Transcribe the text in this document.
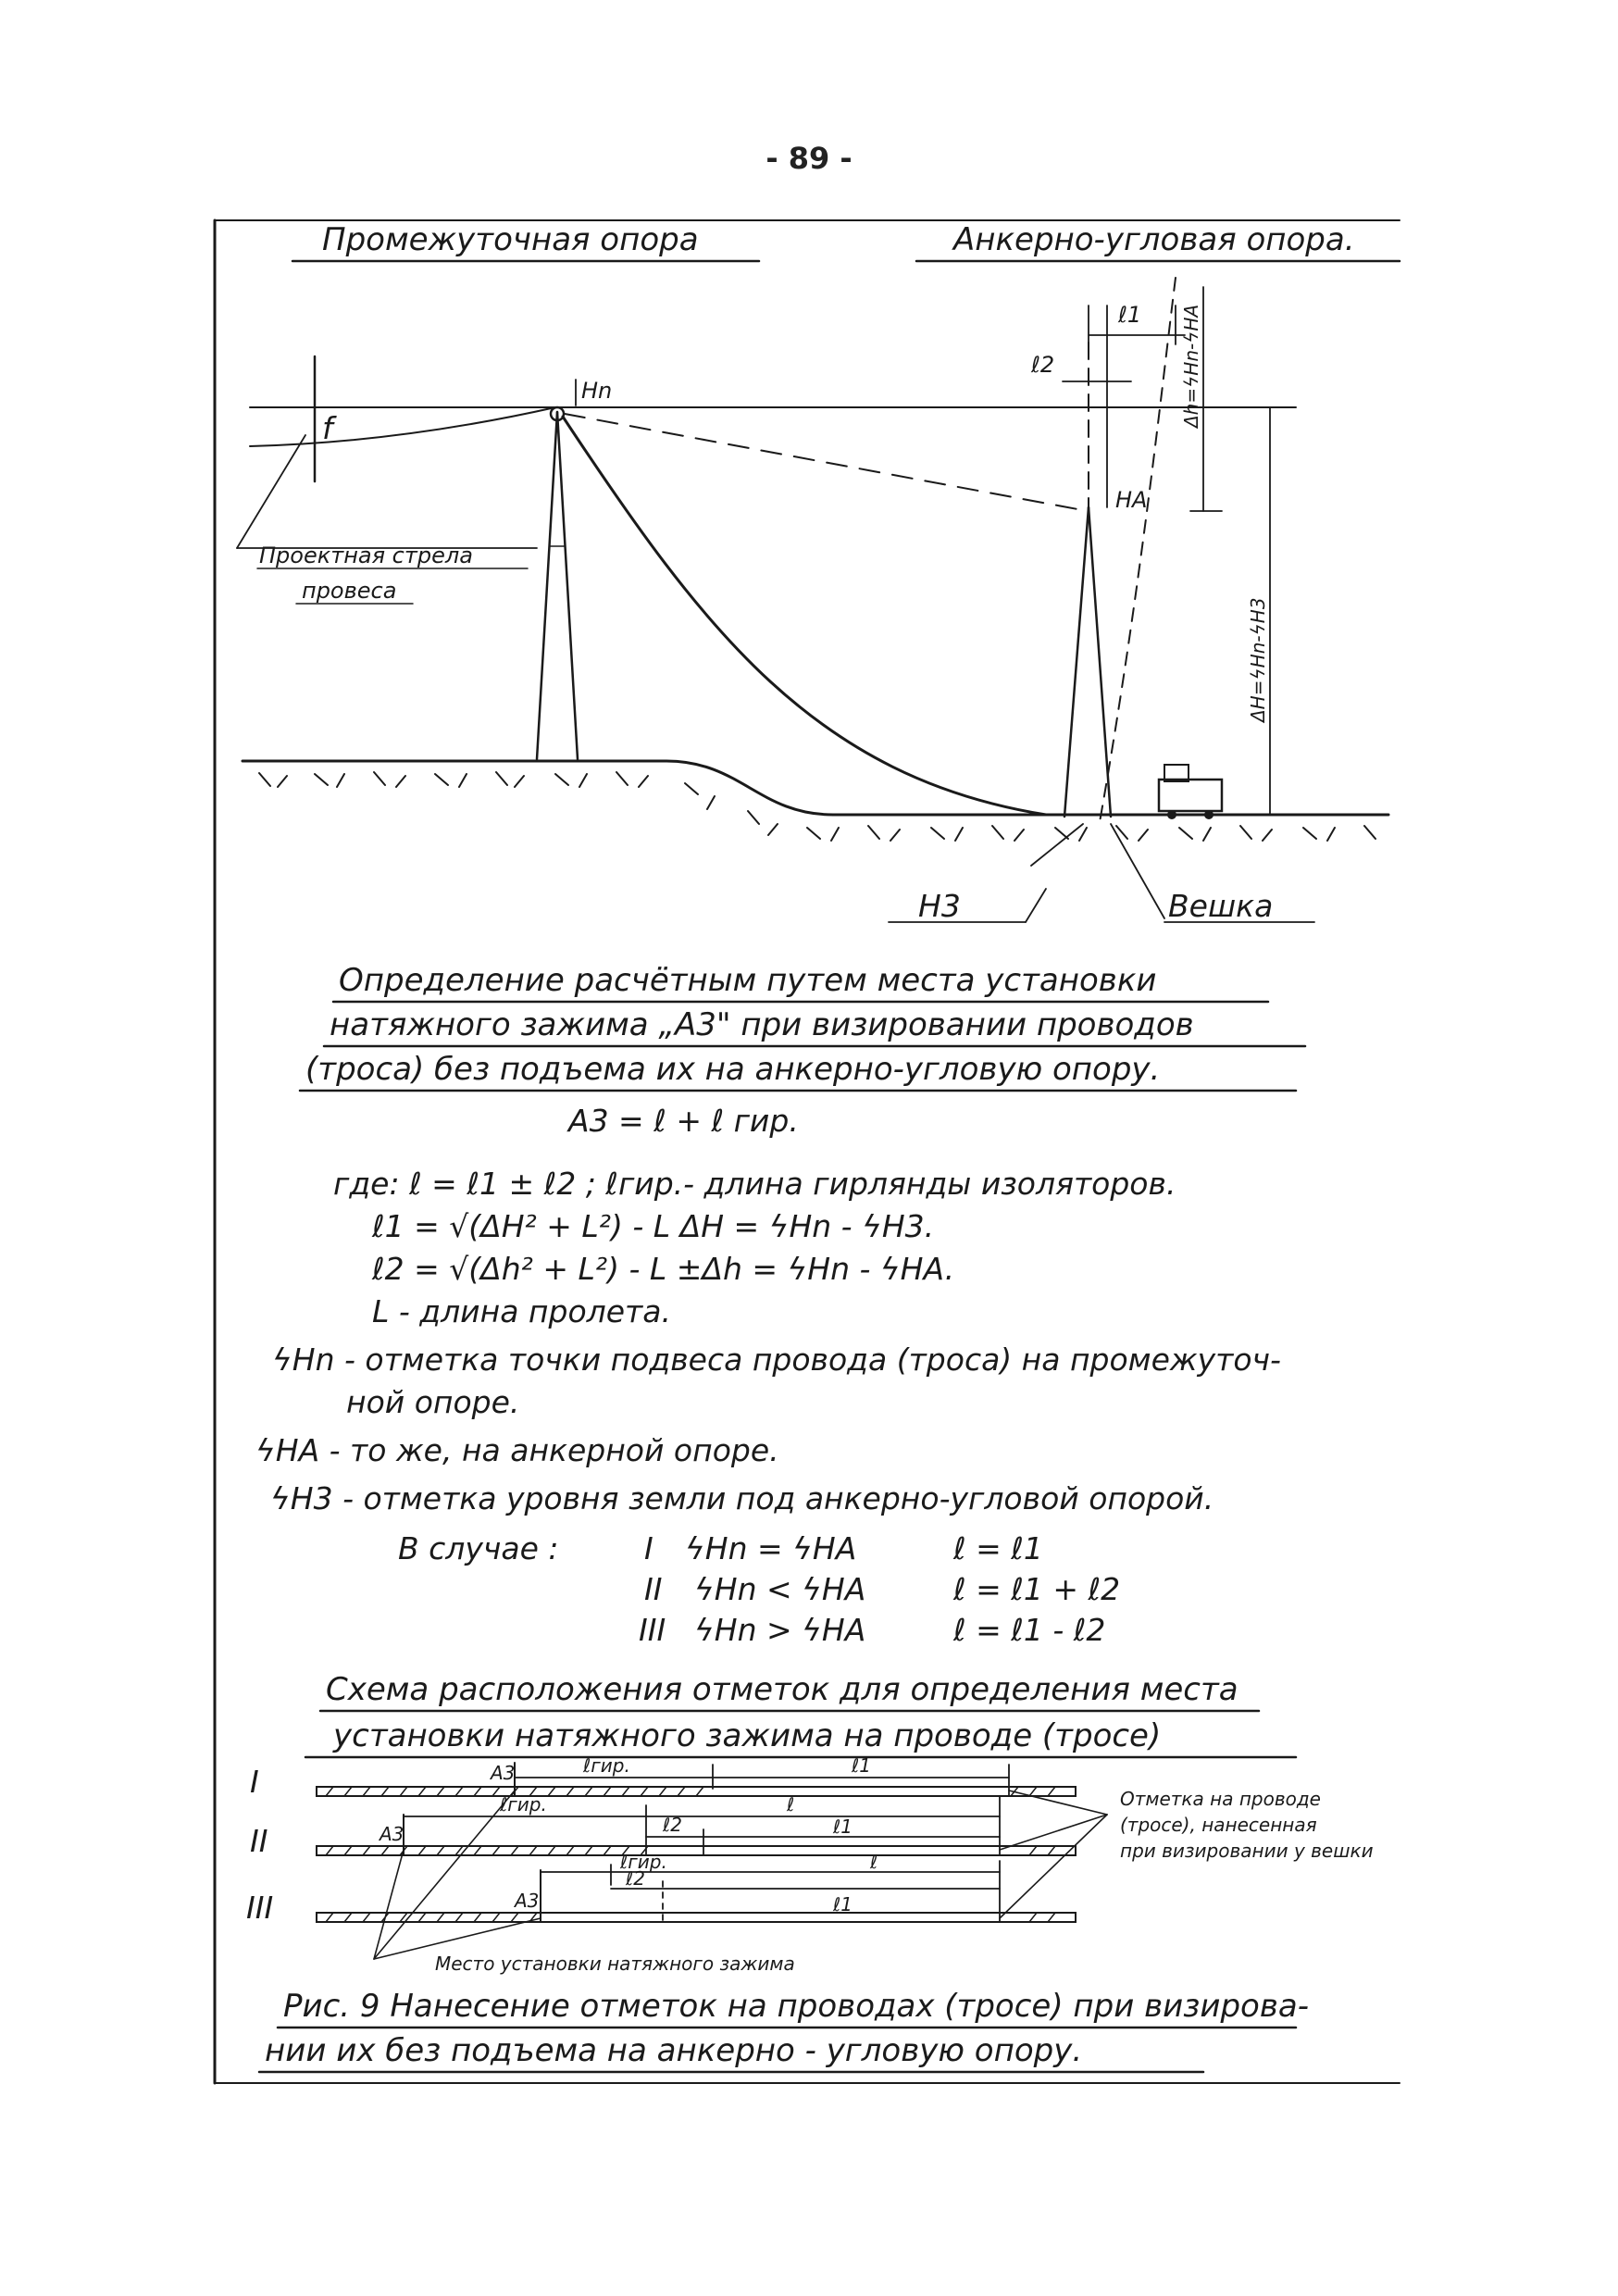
- 89 -
Промежуточная опора	Анкерно-угловая опора.
f
Проектная стрела
провеса
Hn
HA
ℓ1
ℓ2	Δh=ϟHn-ϟHA
ΔH=ϟHn-ϟH3
H3	Вешка
Определение расчётным путем места установки
натяжного зажима „A3" при визировании проводов
(троса) без подъема их на анкерно-угловую опору.
A3 = ℓ + ℓ гир.
где: ℓ = ℓ1 ± ℓ2 ; ℓгир.- длина гирлянды изоляторов.
ℓ1 = √(ΔH² + L²) - L ΔH = ϟHn - ϟH3.
ℓ2 = √(Δh² + L²) - L ±Δh = ϟHn - ϟHA.
L - длина пролета.
ϟHn - отметка точки подвеса провода (троса) на промежуточ-
ной опоре.
ϟHA - то же, на анкерной опоре.
ϟH3 - отметка уровня земли под анкерно-угловой опорой.
В случае :	I ϟHn = ϟHA	ℓ = ℓ1
II ϟHn < ϟHA	ℓ = ℓ1 + ℓ2
III ϟHn > ϟHA	ℓ = ℓ1 - ℓ2
Схема расположения отметок для определения места
установки натяжного зажима на проводе (тросе)
I
II
III
A3	ℓгир.	ℓ1
A3
ℓгир.	ℓ
ℓ2	ℓ1
A3
ℓгир.	ℓ
ℓ2
ℓ1
Отметка на проводе
(тросе), нанесенная
при визировании у вешки
Место установки натяжного зажима
Рис. 9 Нанесение отметок на проводах (тросе) при визирова-
нии их без подъема на анкерно - угловую опору.
